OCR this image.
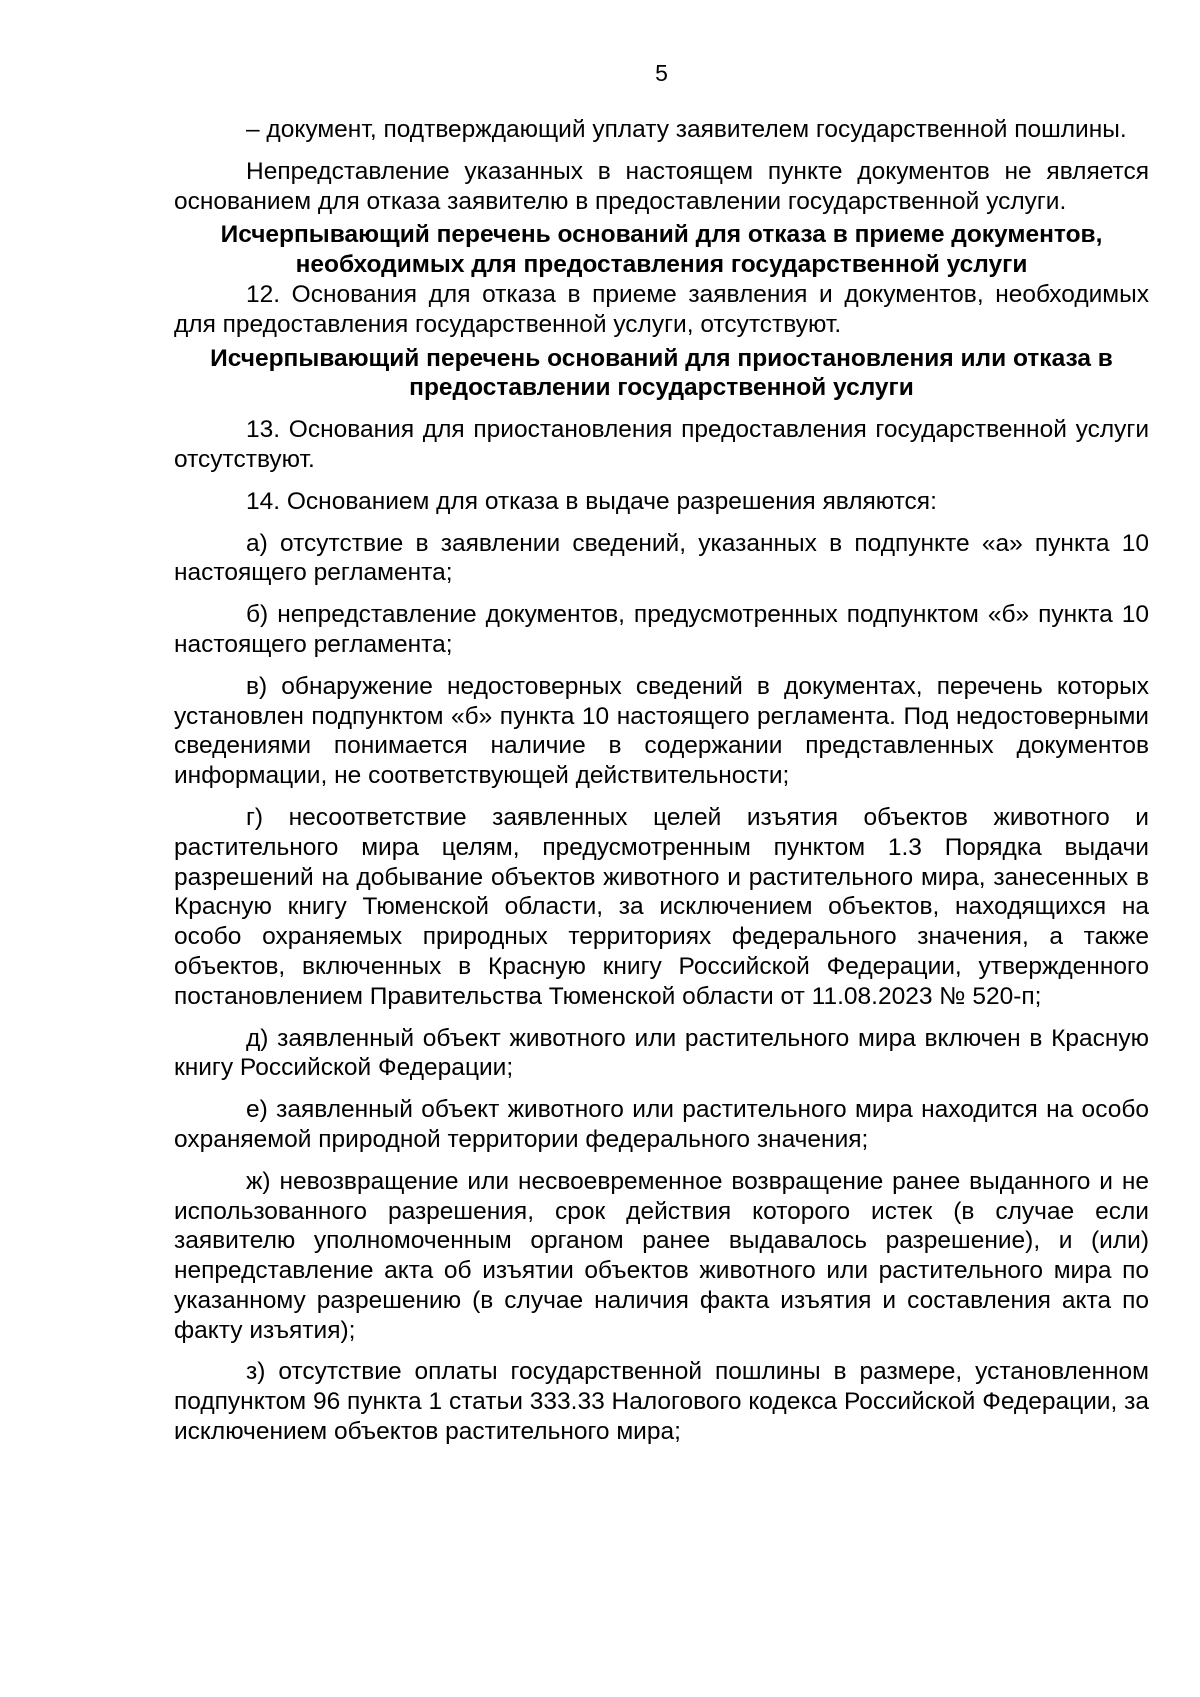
5

– документ, подтверждающий уплату заявителем государственной пошлины.

Непредставление указанных в настоящем пункте документов не является основанием для отказа заявителю в предоставлении государственной услуги.

Исчерпывающий перечень оснований для отказа в приеме документов, необходимых для предоставления государственной услуги

12. Основания для отказа в приеме заявления и документов, необходимых для предоставления государственной услуги, отсутствуют.

Исчерпывающий перечень оснований для приостановления или отказа в предоставлении государственной услуги

13. Основания для приостановления предоставления государственной услуги отсутствуют.

14. Основанием для отказа в выдаче разрешения являются:

а) отсутствие в заявлении сведений, указанных в подпункте «а» пункта 10 настоящего регламента;

б) непредставление документов, предусмотренных подпунктом «б» пункта 10 настоящего регламента;

в) обнаружение недостоверных сведений в документах, перечень которых установлен подпунктом «б» пункта 10 настоящего регламента. Под недостоверными сведениями понимается наличие в содержании представленных документов информации, не соответствующей действительности;

г) несоответствие заявленных целей изъятия объектов животного и растительного мира целям, предусмотренным пунктом 1.3 Порядка выдачи разрешений на добывание объектов животного и растительного мира, занесенных в Красную книгу Тюменской области, за исключением объектов, находящихся на особо охраняемых природных территориях федерального значения, а также объектов, включенных в Красную книгу Российской Федерации, утвержденного постановлением Правительства Тюменской области от 11.08.2023 № 520-п;

д) заявленный объект животного или растительного мира включен в Красную книгу Российской Федерации;

е) заявленный объект животного или растительного мира находится на особо охраняемой природной территории федерального значения;

ж) невозвращение или несвоевременное возвращение ранее выданного и не использованного разрешения, срок действия которого истек (в случае если заявителю уполномоченным органом ранее выдавалось разрешение), и (или) непредставление акта об изъятии объектов животного или растительного мира по указанному разрешению (в случае наличия факта изъятия и составления акта по факту изъятия);

з) отсутствие оплаты государственной пошлины в размере, установленном подпунктом 96 пункта 1 статьи 333.33 Налогового кодекса Российской Федерации, за исключением объектов растительного мира;
